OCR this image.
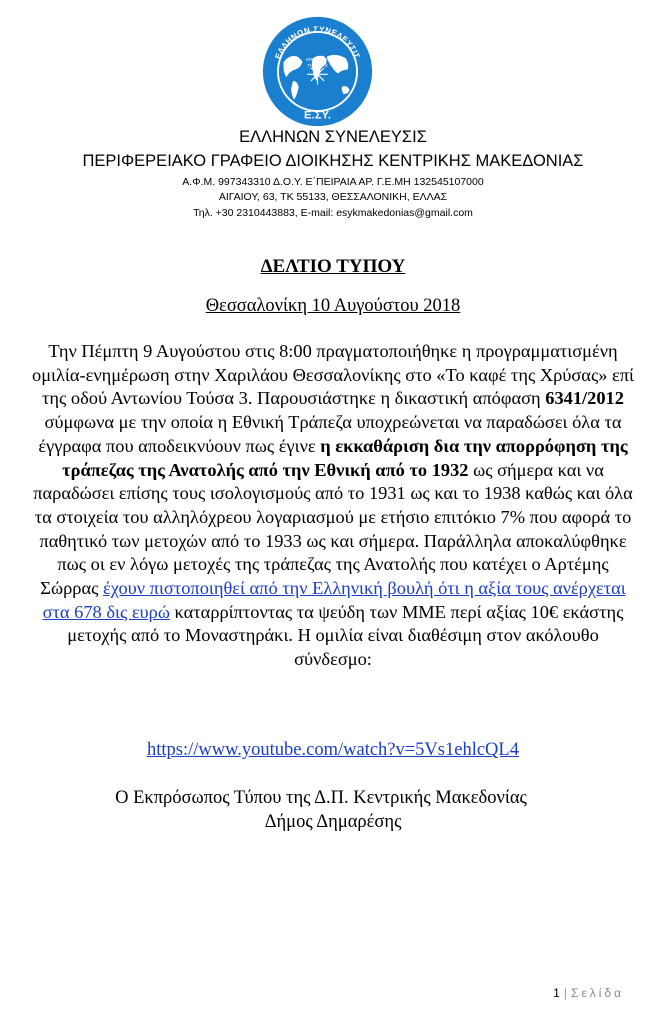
ΕΛΛΗΝΩΝ ΣΥΝΕΛΕΥΣΙΣ
ΚΡΑΤΙΣΤΟΝ
ΤΗΣ ΓΑΙΑΣ
Ε.ΣΥ.
ΕΛΛΗΝΩΝ ΣΥΝΕΛΕΥΣΙΣ
ΠΕΡΙΦΕΡΕΙΑΚΟ ΓΡΑΦΕΙΟ ΔΙΟΙΚΗΣΗΣ ΚΕΝΤΡΙΚΗΣ ΜΑΚΕΔΟΝΙΑΣ
Α.Φ.Μ. 997343310 Δ.Ο.Υ. Ε΄ΠΕΙΡΑΙΑ ΑΡ. Γ.Ε.ΜΗ 132545107000
ΑΙΓΑΙΟΥ, 63, ΤΚ 55133, ΘΕΣΣΑΛΟΝΙΚΗ, ΕΛΛΑΣ
Τηλ. +30 2310443883, E-mail: esykmakedonias@gmail.com
ΔΕΛΤΙΟ ΤΥΠΟΥ
Θεσσαλονίκη 10 Αυγούστου 2018
Την Πέμπτη 9 Αυγούστου στις 8:00 πραγματοποιήθηκε η προγραμματισμένη ομιλία-ενημέρωση στην Χαριλάου Θεσσαλονίκης στο «Το καφέ της Χρύσας» επί της οδού Αντωνίου Τούσα 3. Παρουσιάστηκε η δικαστική απόφαση 6341/2012 σύμφωνα με την οποία η Εθνική Τράπεζα υποχρεώνεται να παραδώσει όλα τα έγγραφα που αποδεικνύουν πως έγινε η εκκαθάριση δια την απορρόφηση της τράπεζας της Ανατολής από την Εθνική από το 1932 ως σήμερα και να παραδώσει επίσης τους ισολογισμούς από το 1931 ως και το 1938 καθώς και όλα τα στοιχεία του αλληλόχρεου λογαριασμού με ετήσιο επιτόκιο 7% που αφορά το παθητικό των μετοχών από το 1933 ως και σήμερα. Παράλληλα αποκαλύφθηκε πως οι εν λόγω μετοχές της τράπεζας της Ανατολής που κατέχει ο Αρτέμης Σώρρας έχουν πιστοποιηθεί από την Ελληνική βουλή ότι η αξία τους ανέρχεται στα 678 δις ευρώ καταρρίπτοντας τα ψεύδη των ΜΜΕ περί αξίας 10€ εκάστης μετοχής από το Μοναστηράκι. Η ομιλία είναι διαθέσιμη στον ακόλουθο σύνδεσμο:
https://www.youtube.com/watch?v=5Vs1ehlcQL4
Ο Εκπρόσωπος Τύπου της Δ.Π. Κεντρικής Μακεδονίας
Δήμος Δημαρέσης
1 | Σελίδα
